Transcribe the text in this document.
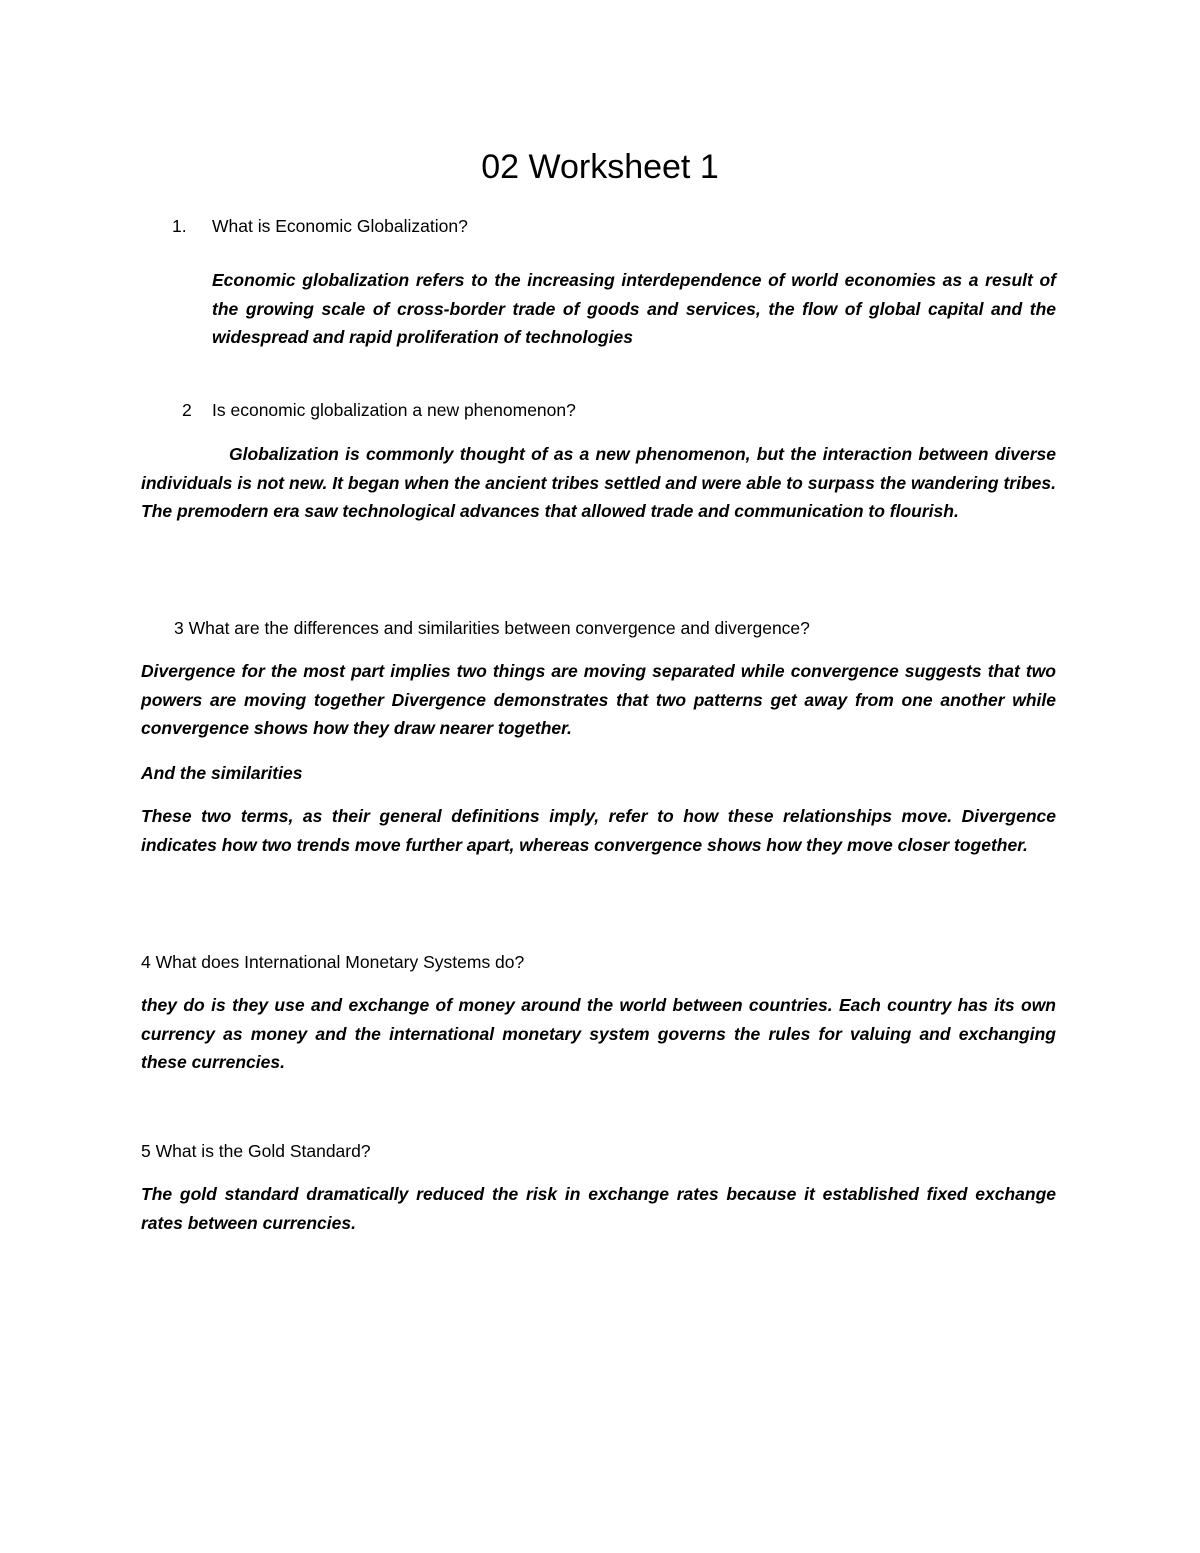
02 Worksheet 1

1. What is Economic Globalization?

Economic globalization refers to the increasing interdependence of world economies as a result of the growing scale of cross-border trade of goods and services, the flow of global capital and the widespread and rapid proliferation of technologies

2 Is economic globalization a new phenomenon?

Globalization is commonly thought of as a new phenomenon, but the interaction between diverse individuals is not new. It began when the ancient tribes settled and were able to surpass the wandering tribes. The premodern era saw technological advances that allowed trade and communication to flourish.

3 What are the differences and similarities between convergence and divergence?

Divergence for the most part implies two things are moving separated while convergence suggests that two powers are moving together Divergence demonstrates that two patterns get away from one another while convergence shows how they draw nearer together.

And the similarities

These two terms, as their general definitions imply, refer to how these relationships move. Divergence indicates how two trends move further apart, whereas convergence shows how they move closer together.

4 What does International Monetary Systems do?

they do is they use and exchange of money around the world between countries. Each country has its own currency as money and the international monetary system governs the rules for valuing and exchanging these currencies.

5 What is the Gold Standard?

The gold standard dramatically reduced the risk in exchange rates because it established fixed exchange rates between currencies.
